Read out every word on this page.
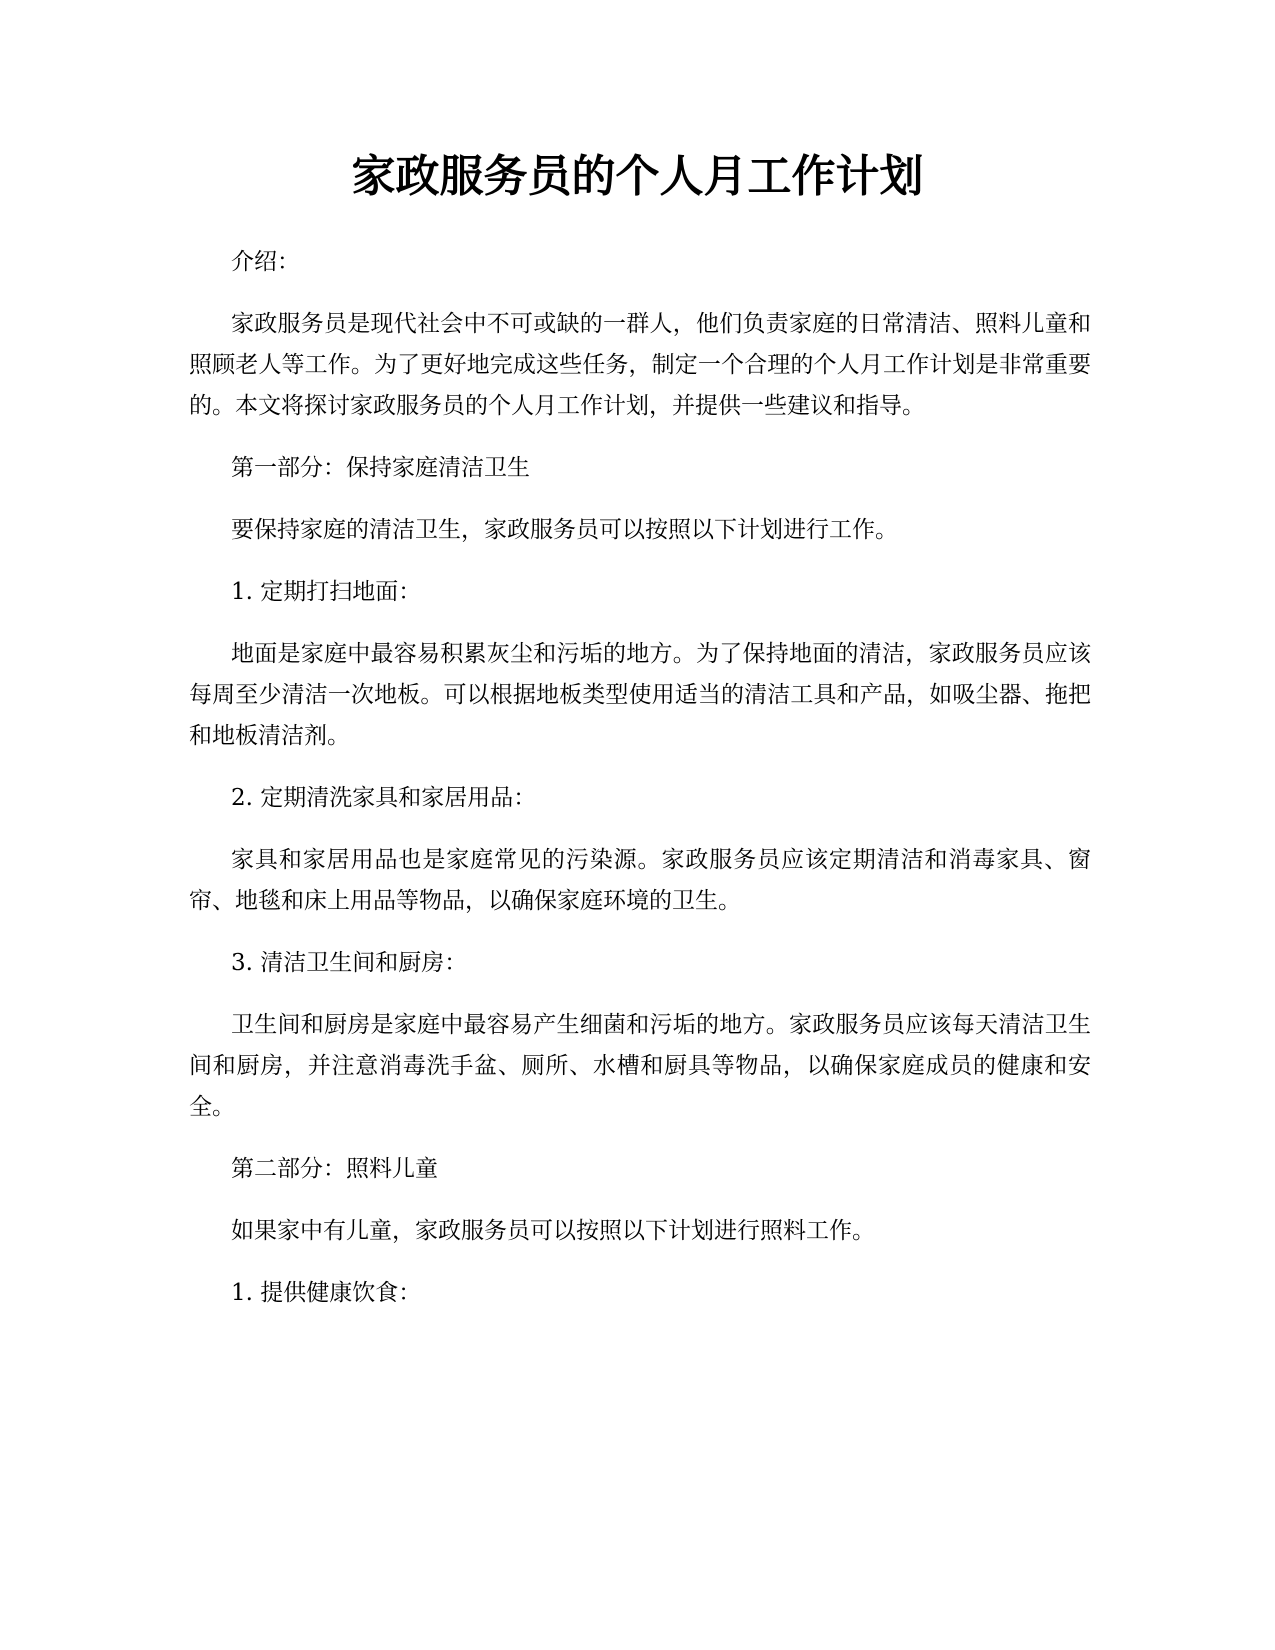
家政服务员的个人月工作计划

介绍：

家政服务员是现代社会中不可或缺的一群人，他们负责家庭的日常清洁、照料儿童和照顾老人等工作。为了更好地完成这些任务，制定一个合理的个人月工作计划是非常重要的。本文将探讨家政服务员的个人月工作计划，并提供一些建议和指导。

第一部分：保持家庭清洁卫生

要保持家庭的清洁卫生，家政服务员可以按照以下计划进行工作。

1. 定期打扫地面：

地面是家庭中最容易积累灰尘和污垢的地方。为了保持地面的清洁，家政服务员应该每周至少清洁一次地板。可以根据地板类型使用适当的清洁工具和产品，如吸尘器、拖把和地板清洁剂。

2. 定期清洗家具和家居用品：

家具和家居用品也是家庭常见的污染源。家政服务员应该定期清洁和消毒家具、窗帘、地毯和床上用品等物品，以确保家庭环境的卫生。

3. 清洁卫生间和厨房：

卫生间和厨房是家庭中最容易产生细菌和污垢的地方。家政服务员应该每天清洁卫生间和厨房，并注意消毒洗手盆、厕所、水槽和厨具等物品，以确保家庭成员的健康和安全。

第二部分：照料儿童

如果家中有儿童，家政服务员可以按照以下计划进行照料工作。

1. 提供健康饮食：
